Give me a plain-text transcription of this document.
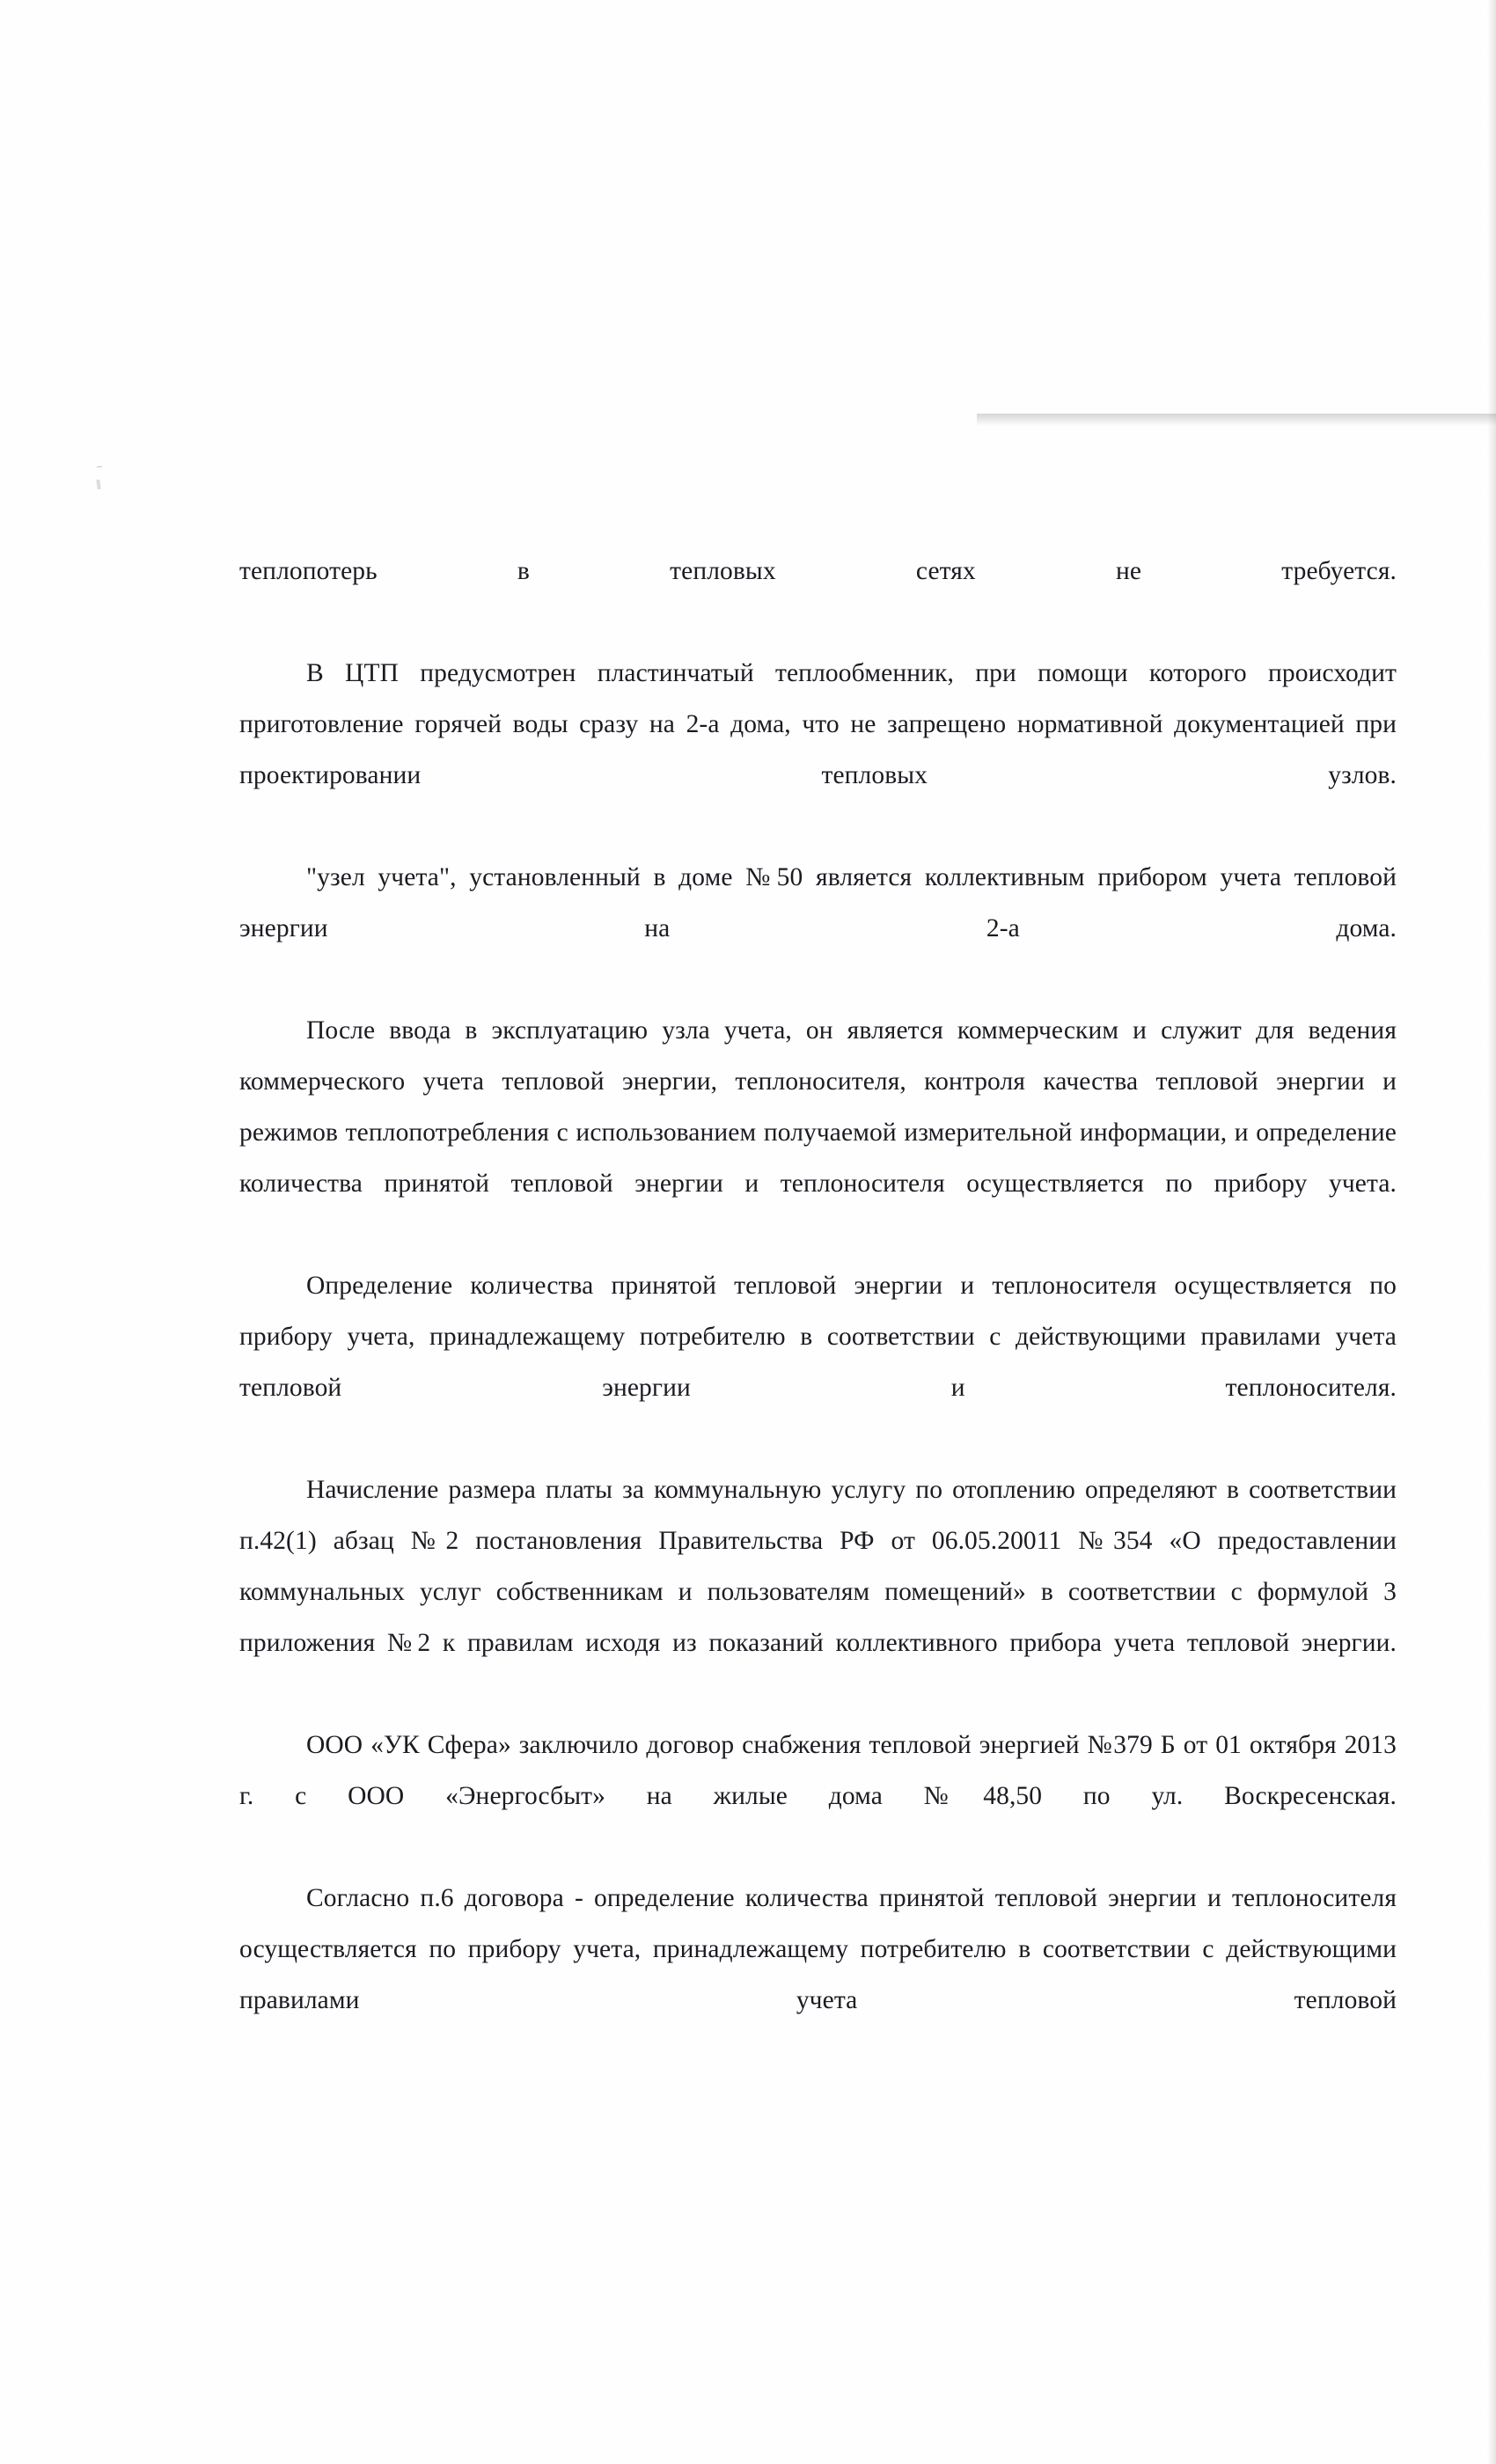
теплопотерь в тепловых сетях не требуется.

В ЦТП предусмотрен пластинчатый теплообменник, при помощи которого происходит приготовление горячей воды сразу на 2-а дома, что не запрещено нормативной документацией при проектировании тепловых узлов.

"узел учета", установленный в доме №50 является коллективным прибором учета тепловой энергии на 2-а дома.

После ввода в эксплуатацию узла учета, он является коммерческим и служит для ведения коммерческого учета тепловой энергии, теплоносителя, контроля качества тепловой энергии и режимов теплопотребления с использованием получаемой измерительной информации, и определение количества принятой тепловой энергии и теплоносителя осуществляется по прибору учета.

Определение количества принятой тепловой энергии и теплоносителя осуществляется по прибору учета, принадлежащему потребителю в соответствии с действующими правилами учета тепловой энергии и теплоносителя.

Начисление размера платы за коммунальную услугу по отоплению определяют в соответствии п.42(1) абзац №2 постановления Правительства РФ от 06.05.20011 №354 «О предоставлении коммунальных услуг собственникам и пользователям помещений» в соответствии с формулой 3 приложения №2 к правилам исходя из показаний коллективного прибора учета тепловой энергии.

ООО «УК Сфера» заключило договор снабжения тепловой энергией №379 Б от 01 октября 2013 г. с ООО «Энергосбыт» на жилые дома №48,50 по ул. Воскресенская.

Согласно п.6 договора - определение количества принятой тепловой энергии и теплоносителя осуществляется по прибору учета, принадлежащему потребителю в соответствии с действующими правилами учета тепловой
